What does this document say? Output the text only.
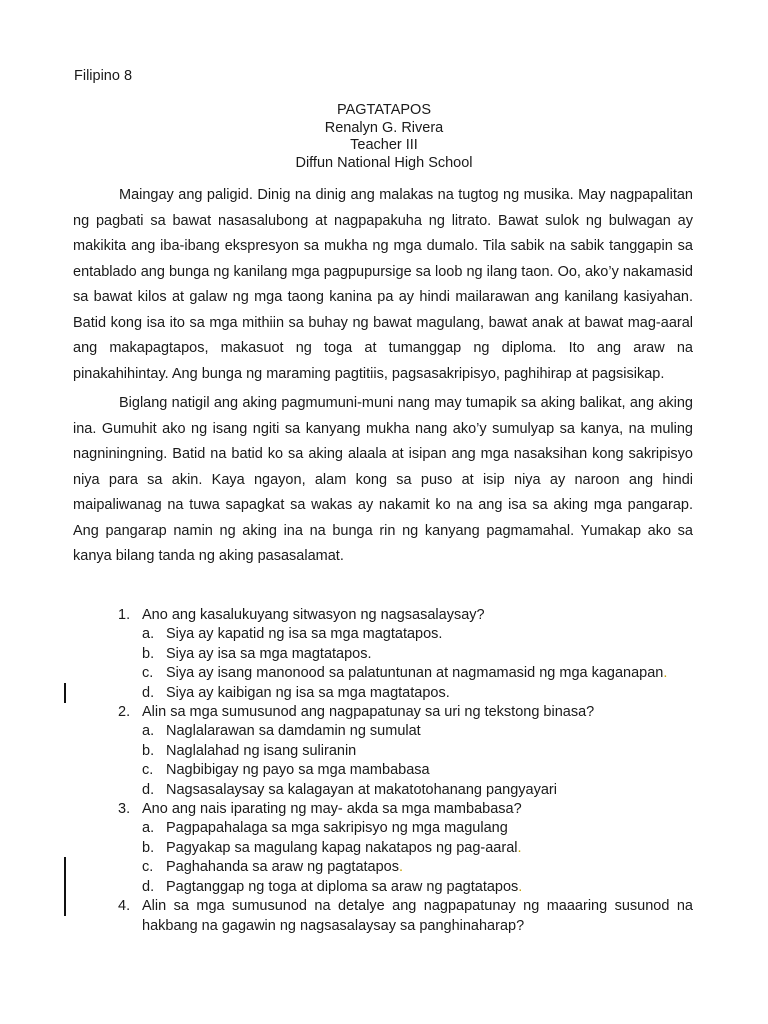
Filipino 8
PAGTATAPOS
Renalyn G. Rivera
Teacher III
Diffun National High School

Maingay ang paligid. Dinig na dinig ang malakas na tugtog ng musika. May nagpapalitan ng pagbati sa bawat nasasalubong at nagpapakuha ng litrato. Bawat sulok ng bulwagan ay makikita ang iba-ibang ekspresyon sa mukha ng mga dumalo. Tila sabik na sabik tanggapin sa entablado ang bunga ng kanilang mga pagpupursige sa loob ng ilang taon. Oo, ako’y nakamasid sa bawat kilos at galaw ng mga taong kanina pa ay hindi mailarawan ang kanilang kasiyahan. Batid kong isa ito sa mga mithiin sa buhay ng bawat magulang, bawat anak at bawat mag-aaral ang makapagtapos, makasuot ng toga at tumanggap ng diploma. Ito ang araw na pinakahihintay. Ang bunga ng maraming pagtitiis, pagsasakripisyo, paghihirap at pagsisikap.

Biglang natigil ang aking pagmumuni-muni nang may tumapik sa aking balikat, ang aking ina. Gumuhit ako ng isang ngiti sa kanyang mukha nang ako’y sumulyap sa kanya, na muling nagniningning. Batid na batid ko sa aking alaala at isipan ang mga nasaksihan kong sakripisyo niya para sa akin. Kaya ngayon, alam kong sa puso at isip niya ay naroon ang hindi maipaliwanag na tuwa sapagkat sa wakas ay nakamit ko na ang isa sa aking mga pangarap. Ang pangarap namin ng aking ina na bunga rin ng kanyang pagmamahal. Yumakap ako sa kanya bilang tanda ng aking pasasalamat.

1. Ano ang kasalukuyang sitwasyon ng nagsasalaysay?
a. Siya ay kapatid ng isa sa mga magtatapos.
b. Siya ay isa sa mga magtatapos.
c. Siya ay isang manonood sa palatuntunan at nagmamasid ng mga kaganapan.
d. Siya ay kaibigan ng isa sa mga magtatapos.
2. Alin sa mga sumusunod ang nagpapatunay sa uri ng tekstong binasa?
a. Naglalarawan sa damdamin ng sumulat
b. Naglalahad ng isang suliranin
c. Nagbibigay ng payo sa mga mambabasa
d. Nagsasalaysay sa kalagayan at makatotohanang pangyayari
3. Ano ang nais iparating ng may- akda sa mga mambabasa?
a. Pagpapahalaga sa mga sakripisyo ng mga magulang
b. Pagyakap sa magulang kapag nakatapos ng pag-aaral.
c. Paghahanda sa araw ng pagtatapos.
d. Pagtanggap ng toga at diploma sa araw ng pagtatapos.
4. Alin sa mga sumusunod na detalye ang nagpapatunay ng maaaring susunod na hakbang na gagawin ng nagsasalaysay sa panghinaharap?
